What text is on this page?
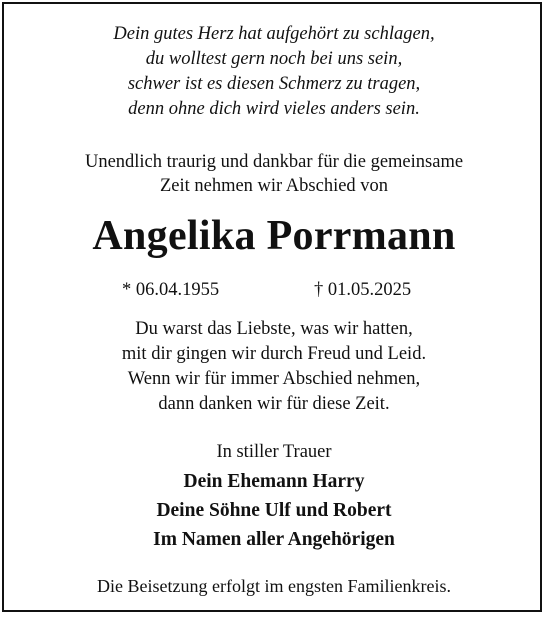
Dein gutes Herz hat aufgehört zu schlagen,
du wolltest gern noch bei uns sein,
schwer ist es diesen Schmerz zu tragen,
denn ohne dich wird vieles anders sein.
Unendlich traurig und dankbar für die gemeinsame
Zeit nehmen wir Abschied von
Angelika Porrmann
* 06.04.1955	† 01.05.2025
Du warst das Liebste, was wir hatten,
mit dir gingen wir durch Freud und Leid.
Wenn wir für immer Abschied nehmen,
dann danken wir für diese Zeit.
In stiller Trauer
Dein Ehemann Harry
Deine Söhne Ulf und Robert
Im Namen aller Angehörigen
Die Beisetzung erfolgt im engsten Familienkreis.
